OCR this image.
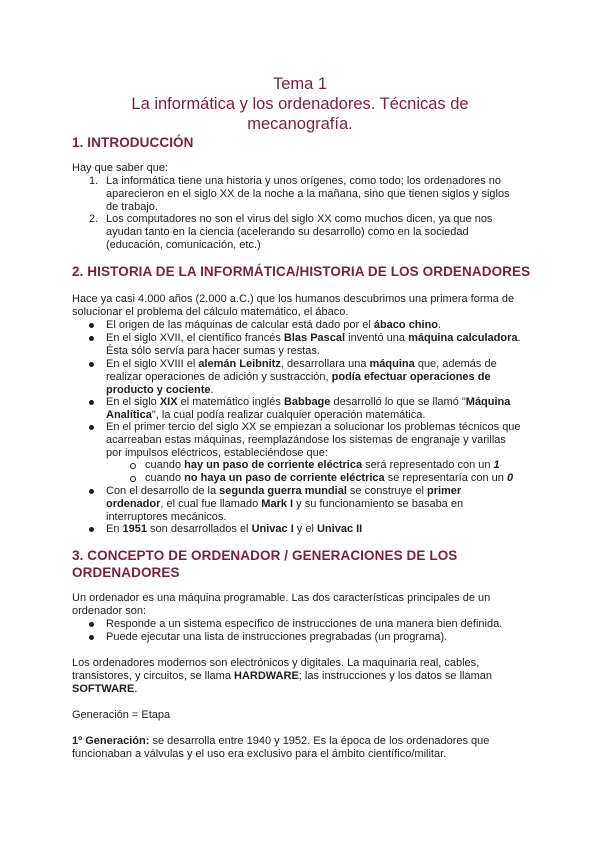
Tema 1
La informática y los ordenadores. Técnicas de
mecanografía.
1. INTRODUCCIÓN
Hay que saber que:
1. La informática tiene una historia y unos orígenes, como todo; los ordenadores no
aparecieron en el siglo XX de la noche a la mañana, sino que tienen siglos y siglos
de trabajo.
2. Los computadores no son el virus del siglo XX como muchos dicen, ya que nos
ayudan tanto en la ciencia (acelerando su desarrollo) como en la sociedad
(educación, comunicación, etc.)
2. HISTORIA DE LA INFORMÁTICA/HISTORIA DE LOS ORDENADORES
Hace ya casi 4.000 años (2.000 a.C.) que los humanos descubrimos una primera forma de
solucionar el problema del cálculo matemático, el ábaco.
El origen de las máquinas de calcular está dado por el ábaco chino.
En el siglo XVII, el científico francés Blas Pascal inventó una máquina calculadora.
Ésta sólo servía para hacer sumas y restas.
En el siglo XVIII el alemán Leibnitz, desarrollara una máquina que, además de
realizar operaciones de adición y sustracción, podía efectuar operaciones de
producto y cociente.
En el siglo XIX el matemático inglés Babbage desarrolló lo que se llamó "Máquina
Analítica", la cual podía realizar cualquier operación matemática.
En el primer tercio del siglo XX se empiezan a solucionar los problemas técnicos que
acarreaban estas máquinas, reemplazándose los sistemas de engranaje y varillas
por impulsos eléctricos, estableciéndose que:
cuando hay un paso de corriente eléctrica será representado con un 1
cuando no haya un paso de corriente eléctrica se representaría con un 0
Con el desarrollo de la segunda guerra mundial se construye el primer
ordenador, el cual fue llamado Mark I y su funcionamiento se basaba en
interruptores mecánicos.
En 1951 son desarrollados el Univac I y el Univac II
3. CONCEPTO DE ORDENADOR / GENERACIONES DE LOS
ORDENADORES
Un ordenador es una máquina programable. Las dos características principales de un
ordenador son:
Responde a un sistema específico de instrucciones de una manera bien definida.
Puede ejecutar una lista de instrucciones pregrabadas (un programa).
Los ordenadores modernos son electrónicos y digitales. La maquinaria real, cables,
transistores, y circuitos, se llama HARDWARE; las instrucciones y los datos se llaman
SOFTWARE.
Generación = Etapa
1º Generación: se desarrolla entre 1940 y 1952. Es la época de los ordenadores que
funcionaban a válvulas y el uso era exclusivo para el ámbito científico/militar.
